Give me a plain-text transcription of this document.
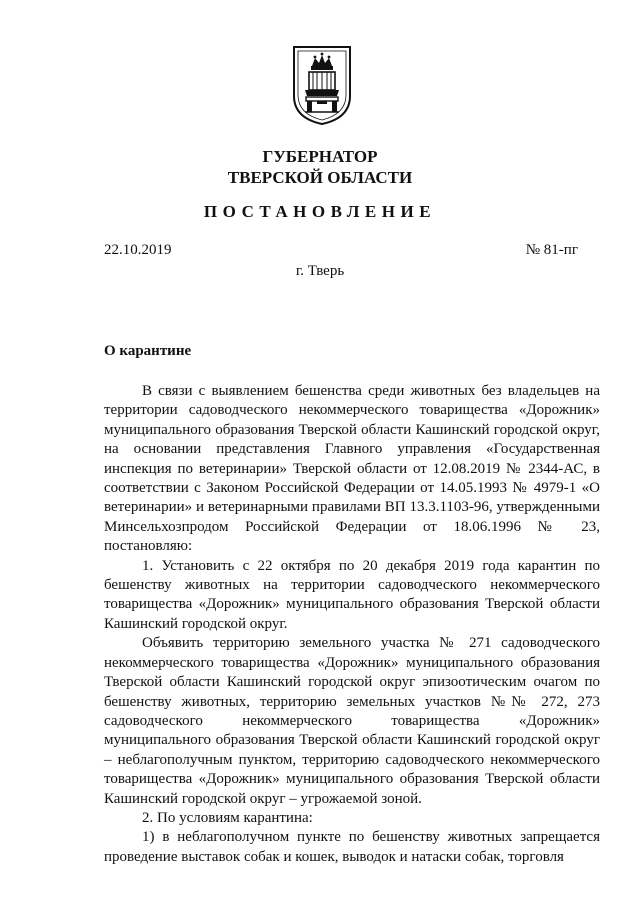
ГУБЕРНАТОР
ТВЕРСКОЙ ОБЛАСТИ
ПОСТАНОВЛЕНИЕ
22.10.2019	№ 81-пг
г. Тверь
О карантине

В связи с выявлением бешенства среди животных без владельцев на территории садоводческого некоммерческого товарищества «Дорожник» муниципального образования Тверской области Кашинский городской округ, на основании представления Главного управления «Государственная инспекция по ветеринарии» Тверской области от 12.08.2019 № 2344-АС, в соответствии с Законом Российской Федерации от 14.05.1993 № 4979-1 «О ветеринарии» и ветеринарными правилами ВП 13.3.1103-96, утвержденными Минсельхозпродом Российской Федерации от 18.06.1996 № 23, постановляю:

1. Установить с 22 октября по 20 декабря 2019 года карантин по бешенству животных на территории садоводческого некоммерческого товарищества «Дорожник» муниципального образования Тверской области Кашинский городской округ.

Объявить территорию земельного участка № 271 садоводческого некоммерческого товарищества «Дорожник» муниципального образования Тверской области Кашинский городской округ эпизоотическим очагом по бешенству животных, территорию земельных участков №№ 272, 273 садоводческого некоммерческого товарищества «Дорожник» муниципального образования Тверской области Кашинский городской округ – неблагополучным пунктом, территорию садоводческого некоммерческого товарищества «Дорожник» муниципального образования Тверской области Кашинский городской округ – угрожаемой зоной.

2. По условиям карантина:

1) в неблагополучном пункте по бешенству животных запрещается проведение выставок собак и кошек, выводок и натаски собак, торговля
